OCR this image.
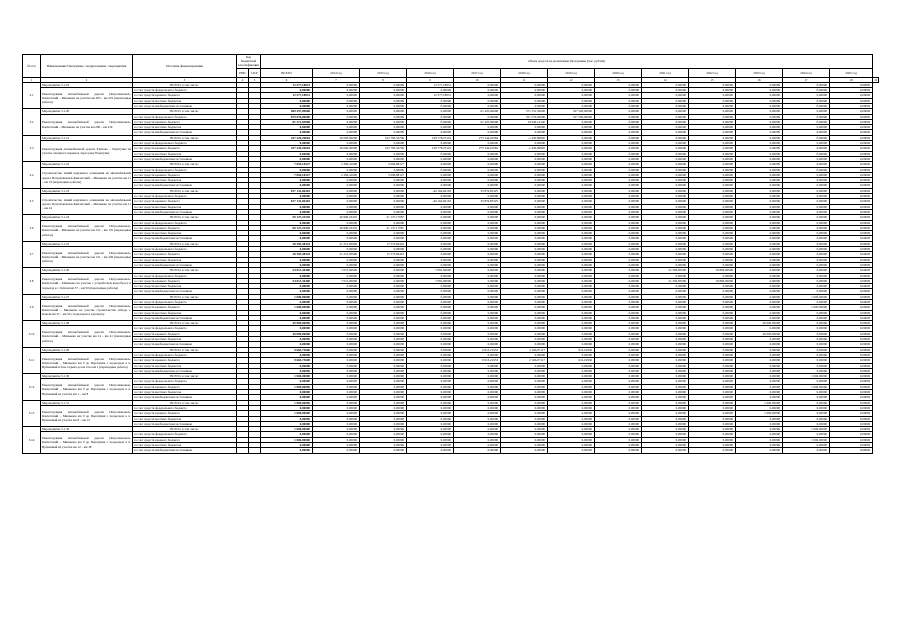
№ п/п	Наименование Программы / подпрограммы / мероприятия	Источник финансирования	Код бюджетной классификации		Объем средств на реализацию Программы (тыс. рублей)													
			ГРБС	ЦСР	ВСЕГО	2014 год	2015 год	2016 год	2017 год	2018 год	2019 год	2020 год	2021 год	2022 год	2023 год	2024 год	2025 год	
1	2	3	4	5	6	7	8	9	10	11	12	13	14	15	16	17	18	19
3.1	Мероприятие 3.1.19	ВСЕГО, в том числе:			12 577,18831	0,00000	0,00000	12 577,18831	0,00000	0,00000	0,00000	0,00000	0,00000	0,00000	0,00000	0,00000	0,00000	
	Реконструкция автомобильной дороги Петропавловск-Камчатский – Мильково на участке км 205 – км 219 (переходные работы)	за счет средств федерального бюджета			0,00000	0,00000	0,00000	0,00000	0,00000	0,00000	0,00000	0,00000	0,00000	0,00000	0,00000	0,00000	0,00000	
		за счет средств краевого бюджета			12 577,18831	0,00000	0,00000	12 577,18831	0,00000	0,00000	0,00000	0,00000	0,00000	0,00000	0,00000	0,00000	0,00000	
		за счет средств местных бюджетов			0,00000	0,00000	0,00000	0,00000	0,00000	0,00000	0,00000	0,00000	0,00000	0,00000	0,00000	0,00000	0,00000	
		за счет средств внебюджетных источников			0,00000	0,00000	0,00000	0,00000	0,00000	0,00000	0,00000	0,00000	0,00000	0,00000	0,00000	0,00000	0,00000	
3.2	Мероприятие 3.1.20	ВСЕГО, в том числе:			960 457,09668	0,00000	0,00000	0,00000	61 425,69668	371 531,50000	527 500,00000	0,00000	0,00000	0,00000	0,00000	0,00000	0,00000	
	Реконструкция автомобильной дороги Петропавловск-Камчатский – Мильково на участке км 206 – км 219	за счет средств федерального бюджета			879 076,00000	0,00000	0,00000	0,00000	0,00000	351 576,00000	527 500,00000	0,00000	0,00000	0,00000	0,00000	0,00000	0,00000	
		за счет средств краевого бюджета			81 371,83808	0,00000	0,00000	0,00000	61 425,69668	19 946,14140	0,00000	0,00000	0,00000	0,00000	0,00000	0,00000	0,00000	
		за счет средств местных бюджетов			0,00000	0,00000	0,00000	0,00000	0,00000	0,00000	0,00000	0,00000	0,00000	0,00000	0,00000	0,00000	0,00000	
		за счет средств внебюджетных источников			0,00000	0,00000	0,00000	0,00000	0,00000	0,00000	0,00000	0,00000	0,00000	0,00000	0,00000	0,00000	0,00000	
3.3	Мероприятие 3.1.21	ВСЕГО, в том числе:			437 320,26064	36 000,00000	102 783,34700	109 778,23119	275 344,91084	-1 436,89820	0,00000	0,00000	0,00000	0,00000	0,00000	0,00000	0,00000	
	Реконструкция автомобильной дороги Елизово – Паратунка на участке лагерного перевала через реку Паратунку	за счет средств федерального бюджета			0,00000	0,00000	0,00000	0,00000	0,00000	0,00000	0,00000	0,00000	0,00000	0,00000	0,00000	0,00000	0,00000	
		за счет средств краевого бюджета			437 320,26064	36 000,00000	102 783,34700	109 778,23119	275 344,91084	-1 436,89820	0,00000	0,00000	0,00000	0,00000	0,00000	0,00000	0,00000	
		за счет средств местных бюджетов			0,00000	0,00000	0,00000	0,00000	0,00000	0,00000	0,00000	0,00000	0,00000	0,00000	0,00000	0,00000	0,00000	
		за счет средств внебюджетных источников			0,00000	0,00000	0,00000	0,00000	0,00000	0,00000	0,00000	0,00000	0,00000	0,00000	0,00000	0,00000	0,00000	
3.4	Мероприятие 3.1.22	ВСЕГО, в том числе:			7 094,16527	2 396,41600	5 096,88127	0,00000	0,00000	0,00000	0,00000	0,00000	0,00000	0,00000	0,00000	0,00000	0,00000	
	Строительство линий наружного освещения на автомобильной дороге Петропавловск-Камчатский – Мильково на участке км 11 – км 19 (переходные работы)	за счет средств федерального бюджета			0,00000	0,00000	0,00000	0,00000	0,00000	0,00000	0,00000	0,00000	0,00000	0,00000	0,00000	0,00000	0,00000	
		за счет средств краевого бюджета			7 094,16527	2 396,41600	5 096,88127	0,00000	0,00000	0,00000	0,00000	0,00000	0,00000	0,00000	0,00000	0,00000	0,00000	
		за счет средств местных бюджетов			0,00000	0,00000	0,00000	0,00000	0,00000	0,00000	0,00000	0,00000	0,00000	0,00000	0,00000	0,00000	0,00000	
		за счет средств внебюджетных источников			0,00000	0,00000	0,00000	0,00000	0,00000	0,00000	0,00000	0,00000	0,00000	0,00000	0,00000	0,00000	0,00000	
3.5	Мероприятие 3.1.23	ВСЕГО, в том числе:			817 141,06403	0,00000	0,00000	-40 164,69163	35 876,85325	0,00000	0,00000	0,00000	0,00000	0,00000	0,00000	0,00000	0,00000	
	Строительство линий наружного освещения на автомобильной дороге Петропавловск-Камчатский – Мильково на участке км 11 – км 24	за счет средств федерального бюджета			0,00000	0,00000	0,00000	0,00000	0,00000	0,00000	0,00000	0,00000	0,00000	0,00000	0,00000	0,00000	0,00000	
		за счет средств краевого бюджета			817 141,06403	0,00000	0,00000	-40 164,69163	35 876,85325	0,00000	0,00000	0,00000	0,00000	0,00000	0,00000	0,00000	0,00000	
		за счет средств местных бюджетов			0,00000	0,00000	0,00000	0,00000	0,00000	0,00000	0,00000	0,00000	0,00000	0,00000	0,00000	0,00000	0,00000	
		за счет средств внебюджетных источников			0,00000	0,00000	0,00000	0,00000	0,00000	0,00000	0,00000	0,00000	0,00000	0,00000	0,00000	0,00000	0,00000	
3.6	Мероприятие 3.1.24	ВСЕГО, в том числе:			69 127,41535	46 990,23435	21 137,17087	0,00000	0,00000	0,00000	0,00000	0,00000	0,00000	0,00000	0,00000	0,00000	0,00000	
	Реконструкция автомобильной дороги Петропавловск-Камчатский – Мильково на участке км 151 – км 170 (переходные работы)	за счет средств федерального бюджета			0,00000	0,00000	0,00000	0,00000	0,00000	0,00000	0,00000	0,00000	0,00000	0,00000	0,00000	0,00000	0,00000	
		за счет средств краевого бюджета			69 127,41535	46 990,23435	21 137,17087	0,00000	0,00000	0,00000	0,00000	0,00000	0,00000	0,00000	0,00000	0,00000	0,00000	
		за счет средств местных бюджетов			0,00000	0,00000	0,00000	0,00000	0,00000	0,00000	0,00000	0,00000	0,00000	0,00000	0,00000	0,00000	0,00000	
		за счет средств внебюджетных источников			0,00000	0,00000	0,00000	0,00000	0,00000	0,00000	0,00000	0,00000	0,00000	0,00000	0,00000	0,00000	0,00000	
3.7	Мероприятие 3.1.25	ВСЕГО, в том числе:			38 395,48344	21 251,83900	17 573,84443	0,00000	0,00000	0,00000	0,00000	0,00000	0,00000	0,00000	0,00000	0,00000	0,00000	
	Реконструкция автомобильной дороги Петропавловск-Камчатский – Мильково на участке км 211 – км 249 (переходные работы)	за счет средств федерального бюджета			0,00000	0,00000	0,00000	0,00000	0,00000	0,00000	0,00000	0,00000	0,00000	0,00000	0,00000	0,00000	0,00000	
		за счет средств краевого бюджета			38 395,48344	21 251,83900	17 573,84443	0,00000	0,00000	0,00000	0,00000	0,00000	0,00000	0,00000	0,00000	0,00000	0,00000	
		за счет средств местных бюджетов			0,00000	0,00000	0,00000	0,00000	0,00000	0,00000	0,00000	0,00000	0,00000	0,00000	0,00000	0,00000	0,00000	
		за счет средств внебюджетных источников			0,00000	0,00000	0,00000	0,00000	0,00000	0,00000	0,00000	0,00000	0,00000	0,00000	0,00000	0,00000	0,00000	
3.8	Мероприятие 3.1.26	ВСЕГО, в том числе:			54 013,30400	7 015,00000	0,00000	7 081,00000	0,00000	0,00000	0,00000	0,00000	21 596,85000	18 800,00000	0,00000	0,00000	0,00000	
	Реконструкция автомобильной дороги Петропавловск-Камчатский – Мильково на участке с устройством водосброса и подъезда к с. Ключи км 37 – км 50 (переходные работы)	за счет средств федерального бюджета			0,00000	0,00000	0,00000	0,00000	0,00000	0,00000	0,00000	0,00000	0,00000	0,00000	0,00000	0,00000	0,00000	
		за счет средств краевого бюджета			54 013,30400	7 015,00000	0,00000	7 081,00000	0,00000	0,00000	0,00000	0,00000	21 596,85000	18 800,00000	0,00000	0,00000	0,00000	
		за счет средств местных бюджетов			0,00000	0,00000	0,00000	0,00000	0,00000	0,00000	0,00000	0,00000	0,00000	0,00000	0,00000	0,00000	0,00000	
		за счет средств внебюджетных источников			0,00000	0,00000	0,00000	0,00000	0,00000	0,00000	0,00000	0,00000	0,00000	0,00000	0,00000	0,00000	0,00000	
3.9	Мероприятие 3.1.27	ВСЕГО, в том числе:			1 000,00000	0,00000	0,00000	0,00000	0,00000	0,00000	0,00000	0,00000	0,00000	0,00000	0,00000	1 000,00000	0,00000	
	Реконструкция автомобильной дороги Петропавловск-Камчатский – Мильково на участке строительства обхода с. Ключи км 27 – км 50 с подъездом к аэропорту	за счет средств федерального бюджета			0,00000	0,00000	0,00000	0,00000	0,00000	0,00000	0,00000	0,00000	0,00000	0,00000	0,00000	0,00000	0,00000	
		за счет средств краевого бюджета			1 000,00000	0,00000	0,00000	0,00000	0,00000	0,00000	0,00000	0,00000	0,00000	0,00000	0,00000	1 000,00000	0,00000	
		за счет средств местных бюджетов			0,00000	0,00000	0,00000	0,00000	0,00000	0,00000	0,00000	0,00000	0,00000	0,00000	0,00000	0,00000	0,00000	
		за счет средств внебюджетных источников			0,00000	0,00000	0,00000	0,00000	0,00000	0,00000	0,00000	0,00000	0,00000	0,00000	0,00000	0,00000	0,00000	
3.10	Мероприятие 3.1.28	ВСЕГО, в том числе:			49 000,00000	0,00000	0,00000	0,00000	0,00000	0,00000	0,00000	0,00000	0,00000	0,00000	49 000,00000	0,00000	0,00000	
	Реконструкция автомобильной дороги Петропавловск-Камчатский – Мильково на участке км 14 – км 41 (переходные работы)	за счет средств федерального бюджета			0,00000	0,00000	0,00000	0,00000	0,00000	0,00000	0,00000	0,00000	0,00000	0,00000	0,00000	0,00000	0,00000	
		за счет средств краевого бюджета			49 000,00000	0,00000	0,00000	0,00000	0,00000	0,00000	0,00000	0,00000	0,00000	0,00000	49 000,00000	0,00000	0,00000	
		за счет средств местных бюджетов			0,00000	0,00000	0,00000	0,00000	0,00000	0,00000	0,00000	0,00000	0,00000	0,00000	0,00000	0,00000	0,00000	
		за счет средств внебюджетных источников			0,00000	0,00000	0,00000	0,00000	0,00000	0,00000	0,00000	0,00000	0,00000	0,00000	0,00000	0,00000	0,00000	
3.11	Мероприятие 3.1.29	ВСЕГО, в том числе:			9 665,73600	0,00000	0,00000	0,00000	6 913,21953	2 166,07117	612,16930	0,00000	0,00000	0,00000	0,00000	0,00000	0,00000	
	Реконструкция автомобильной дороги Петропавловск-Камчатский – Мильково км 0 до Паратунки с подъездом к п. Вулканный и базе отдыха до км 0 по км 1 (переходные работы)	за счет средств федерального бюджета			0,00000	0,00000	0,00000	0,00000	0,00000	0,00000	0,00000	0,00000	0,00000	0,00000	0,00000	0,00000	0,00000	
		за счет средств краевого бюджета			9 665,73600	0,00000	0,00000	0,00000	6 913,21953	2 166,07117	612,16930	0,00000	0,00000	0,00000	0,00000	0,00000	0,00000	
		за счет средств местных бюджетов			0,00000	0,00000	0,00000	0,00000	0,00000	0,00000	0,00000	0,00000	0,00000	0,00000	0,00000	0,00000	0,00000	
		за счет средств внебюджетных источников			0,00000	0,00000	0,00000	0,00000	0,00000	0,00000	0,00000	0,00000	0,00000	0,00000	0,00000	0,00000	0,00000	
3.12	Мероприятие 3.1.30	ВСЕГО, в том числе:			1 000,00000	0,00000	0,00000	0,00000	0,00000	0,00000	0,00000	0,00000	0,00000	0,00000	0,00000	1 000,00000	0,00000	
	Реконструкция автомобильной дороги Петропавловск-Камчатский – Мильково км 0 до Паратунки с подъездом к п. Вулканный на участке км 1 – км 8	за счет средств федерального бюджета			0,00000	0,00000	0,00000	0,00000	0,00000	0,00000	0,00000	0,00000	0,00000	0,00000	0,00000	0,00000	0,00000	
		за счет средств краевого бюджета			1 000,00000	0,00000	0,00000	0,00000	0,00000	0,00000	0,00000	0,00000	0,00000	0,00000	0,00000	1 000,00000	0,00000	
		за счет средств местных бюджетов			0,00000	0,00000	0,00000	0,00000	0,00000	0,00000	0,00000	0,00000	0,00000	0,00000	0,00000	0,00000	0,00000	
		за счет средств внебюджетных источников			0,00000	0,00000	0,00000	0,00000	0,00000	0,00000	0,00000	0,00000	0,00000	0,00000	0,00000	0,00000	0,00000	
3.13	Мероприятие 3.1.31	ВСЕГО, в том числе:			1 000,00000	0,00000	0,00000	0,00000	0,00000	0,00000	0,00000	0,00000	0,00000	0,00000	1 000,00000	0,00000	0,00000	
	Реконструкция автомобильной дороги Петропавловск-Камчатский – Мильково км 0 до Паратунки с подъездом к п. Вулканный на участке км 8 – км 12	за счет средств федерального бюджета			0,00000	0,00000	0,00000	0,00000	0,00000	0,00000	0,00000	0,00000	0,00000	0,00000	0,00000	0,00000	0,00000	
		за счет средств краевого бюджета			1 000,00000	0,00000	0,00000	0,00000	0,00000	0,00000	0,00000	0,00000	0,00000	0,00000	1 000,00000	0,00000	0,00000	
		за счет средств местных бюджетов			0,00000	0,00000	0,00000	0,00000	0,00000	0,00000	0,00000	0,00000	0,00000	0,00000	0,00000	0,00000	0,00000	
		за счет средств внебюджетных источников			0,00000	0,00000	0,00000	0,00000	0,00000	0,00000	0,00000	0,00000	0,00000	0,00000	0,00000	0,00000	0,00000	
3.14	Мероприятие 3.1.32	ВСЕГО, в том числе:			1 000,00000	0,00000	0,00000	0,00000	0,00000	0,00000	0,00000	0,00000	0,00000	0,00000	0,00000	1 000,00000	0,00000	
	Реконструкция автомобильной дороги Петропавловск-Камчатский – Мильково км 0 до Паратунки с подъездом к п. Вулканный на участке км 12 – км 18	за счет средств федерального бюджета			0,00000	0,00000	0,00000	0,00000	0,00000	0,00000	0,00000	0,00000	0,00000	0,00000	0,00000	0,00000	0,00000	
		за счет средств краевого бюджета			1 000,00000	0,00000	0,00000	0,00000	0,00000	0,00000	0,00000	0,00000	0,00000	0,00000	0,00000	1 000,00000	0,00000	
		за счет средств местных бюджетов			0,00000	0,00000	0,00000	0,00000	0,00000	0,00000	0,00000	0,00000	0,00000	0,00000	0,00000	0,00000	0,00000	
		за счет средств внебюджетных источников			0,00000	0,00000	0,00000	0,00000	0,00000	0,00000	0,00000	0,00000	0,00000	0,00000	0,00000	0,00000	0,00000	
